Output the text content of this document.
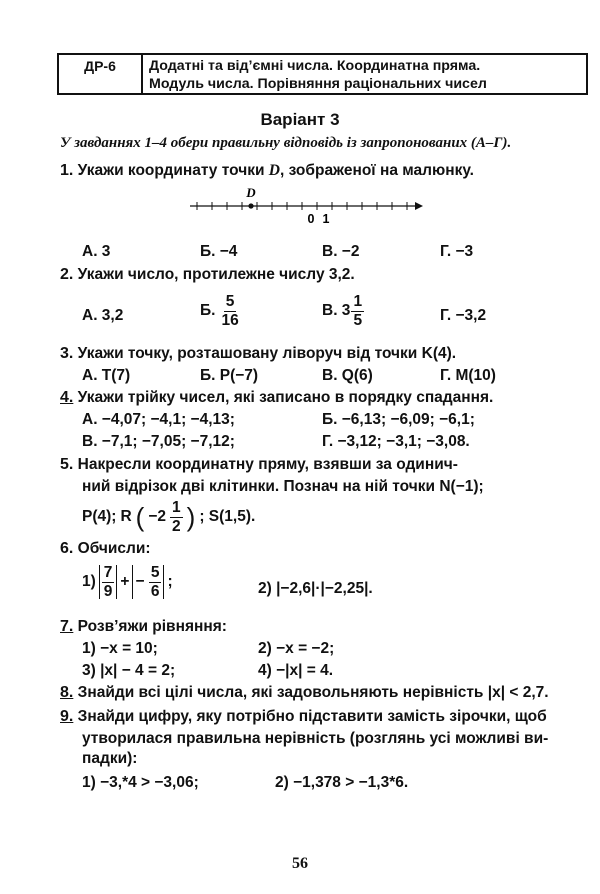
ДР-6	Додатні та від’ємні числа. Координатна пряма.
Модуль числа. Порівняння раціональних чисел
Варіант 3
У завданнях 1–4 обери правильну відповідь із запропонованих (А–Г).
1. Укажи координату точки D, зображеної на малюнку.
D
0 1
А. 3	Б. −4	В. −2	Г. −3
2. Укажи число, протилежне числу 3,2.
А. 3,2	Б. $\frac{5}{16}$	В. $3 \frac{1}{5}$	Г. −3,2
3. Укажи точку, розташовану ліворуч від точки K(4).
А. T(7)	Б. P(−7)	В. Q(6)	Г. M(10)
4. Укажи трійку чисел, які записано в порядку спадання.
А. −4,07; −4,1; −4,13;	Б. −6,13; −6,09; −6,1;
В. −7,1; −7,05; −7,12;	Г. −3,12; −3,1; −3,08.
5. Накресли координатну пряму, взявши за одинич-
ний відрізок дві клітинки. Познач на ній точки N(−1);
P(4); R ( $-2 \frac{1}{2}$ ) ; S(1,5).
6. Обчисли:
$1) \frac{7}{9}$ + − $\frac{5}{6}$ ;	2) |−2,6|·|−2,25|.
7. Розв’яжи рівняння:
1) −x = 10;	2) −x = −2;
3) |x| − 4 = 2;	4) −|x| = 4.
8. Знайди всі цілі числа, які задовольняють нерівність |x| < 2,7.
9. Знайди цифру, яку потрібно підставити замість зірочки, щоб
утворилася правильна нерівність (розглянь усі можливі ви-
падки):
1) −3,*4 > −3,06;	2) −1,378 > −1,3*6.
56
